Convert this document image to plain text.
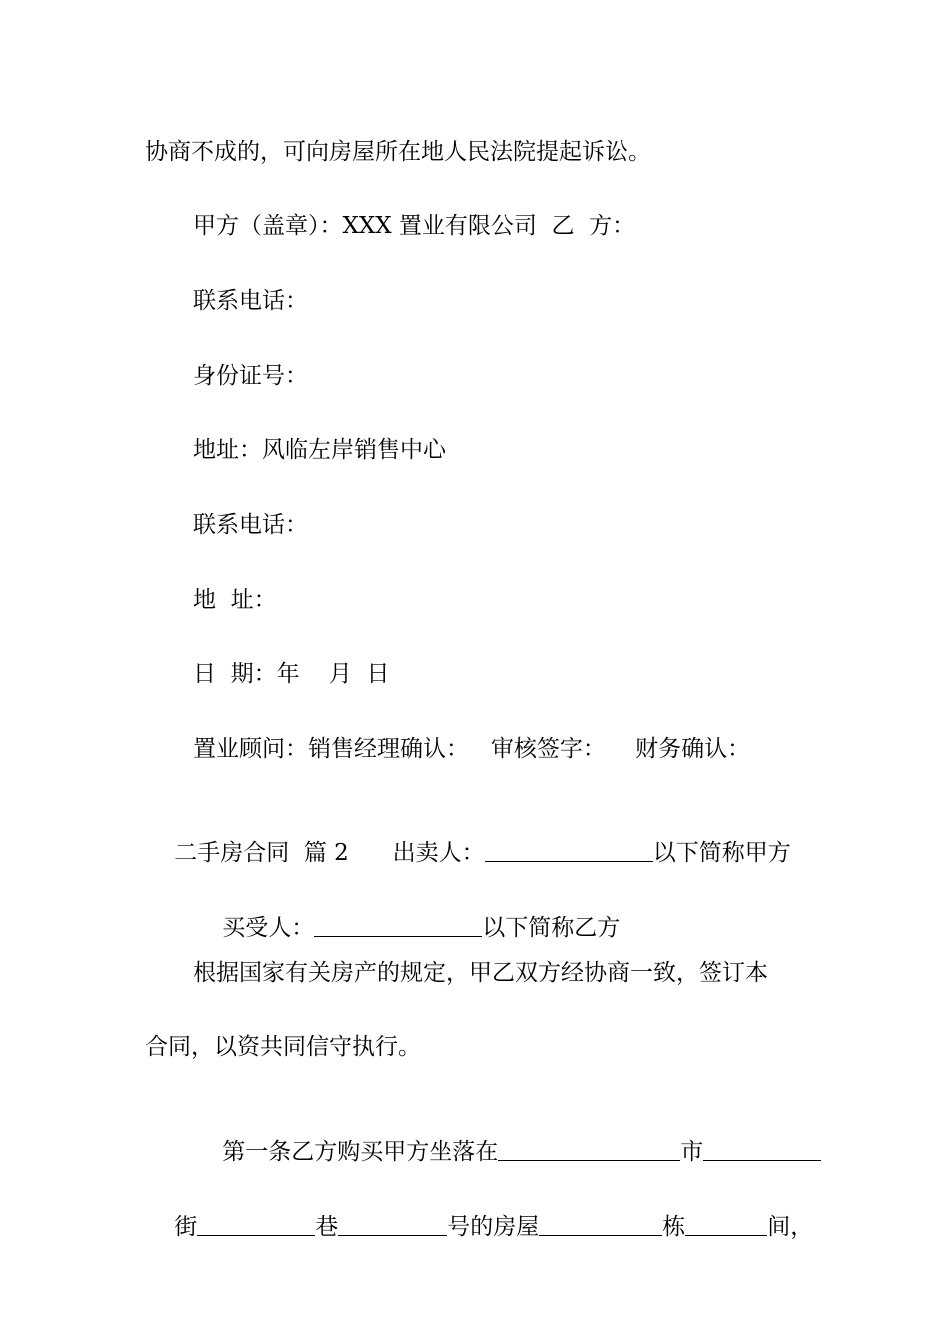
协商不成的，可向房屋所在地人民法院提起诉讼。
甲方（盖章）：XXX 置业有限公司  乙  方：
联系电话：
身份证号：
地址：风临左岸销售中心
联系电话：
地  址：
日  期：年    月  日
置业顾问：销售经理确认：   审核签字：    财务确认：

二手房合同  篇 2      出卖人：	以下简称甲方

买受人：	以下简称乙方

根据国家有关房产的规定，甲乙双方经协商一致，签订本
合同，以资共同信守执行。

第一条乙方购买甲方坐落在	市

街	巷	号的房屋	栋	间，
